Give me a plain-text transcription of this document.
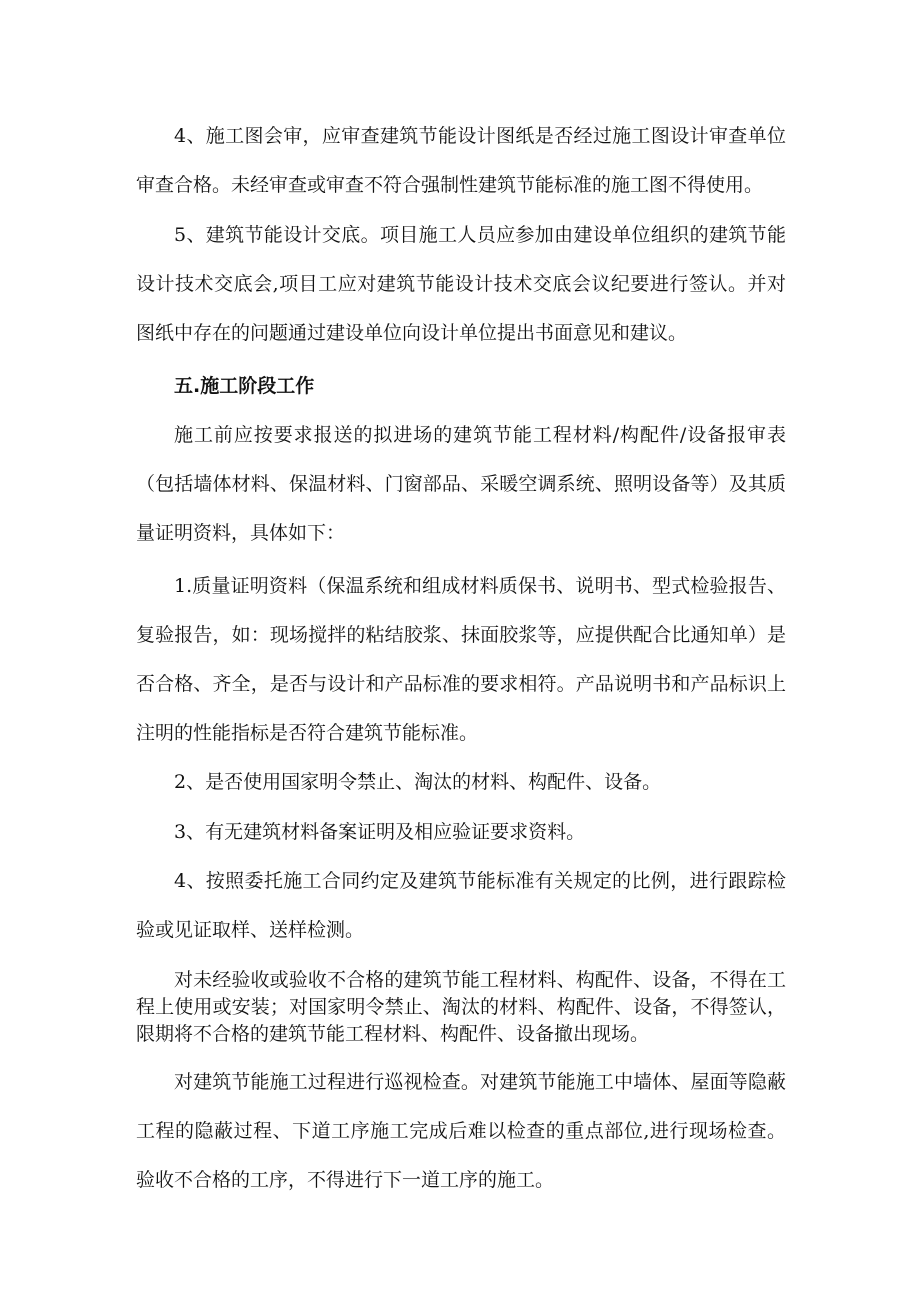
4、施工图会审，应审查建筑节能设计图纸是否经过施工图设计审查单位审查合格。未经审查或审查不符合强制性建筑节能标准的施工图不得使用。

5、建筑节能设计交底。项目施工人员应参加由建设单位组织的建筑节能设计技术交底会,项目工应对建筑节能设计技术交底会议纪要进行签认。并对图纸中存在的问题通过建设单位向设计单位提出书面意见和建议。

五.施工阶段工作

施工前应按要求报送的拟进场的建筑节能工程材料/构配件/设备报审表（包括墙体材料、保温材料、门窗部品、采暖空调系统、照明设备等）及其质量证明资料，具体如下：

1.质量证明资料（保温系统和组成材料质保书、说明书、型式检验报告、复验报告，如：现场搅拌的粘结胶浆、抹面胶浆等，应提供配合比通知单）是否合格、齐全，是否与设计和产品标准的要求相符。产品说明书和产品标识上注明的性能指标是否符合建筑节能标准。

2、是否使用国家明令禁止、淘汰的材料、构配件、设备。

3、有无建筑材料备案证明及相应验证要求资料。

4、按照委托施工合同约定及建筑节能标准有关规定的比例，进行跟踪检验或见证取样、送样检测。

对未经验收或验收不合格的建筑节能工程材料、构配件、设备，不得在工程上使用或安装；对国家明令禁止、淘汰的材料、构配件、设备，不得签认，限期将不合格的建筑节能工程材料、构配件、设备撤出现场。

对建筑节能施工过程进行巡视检查。对建筑节能施工中墙体、屋面等隐蔽工程的隐蔽过程、下道工序施工完成后难以检查的重点部位,进行现场检查。验收不合格的工序，不得进行下一道工序的施工。
